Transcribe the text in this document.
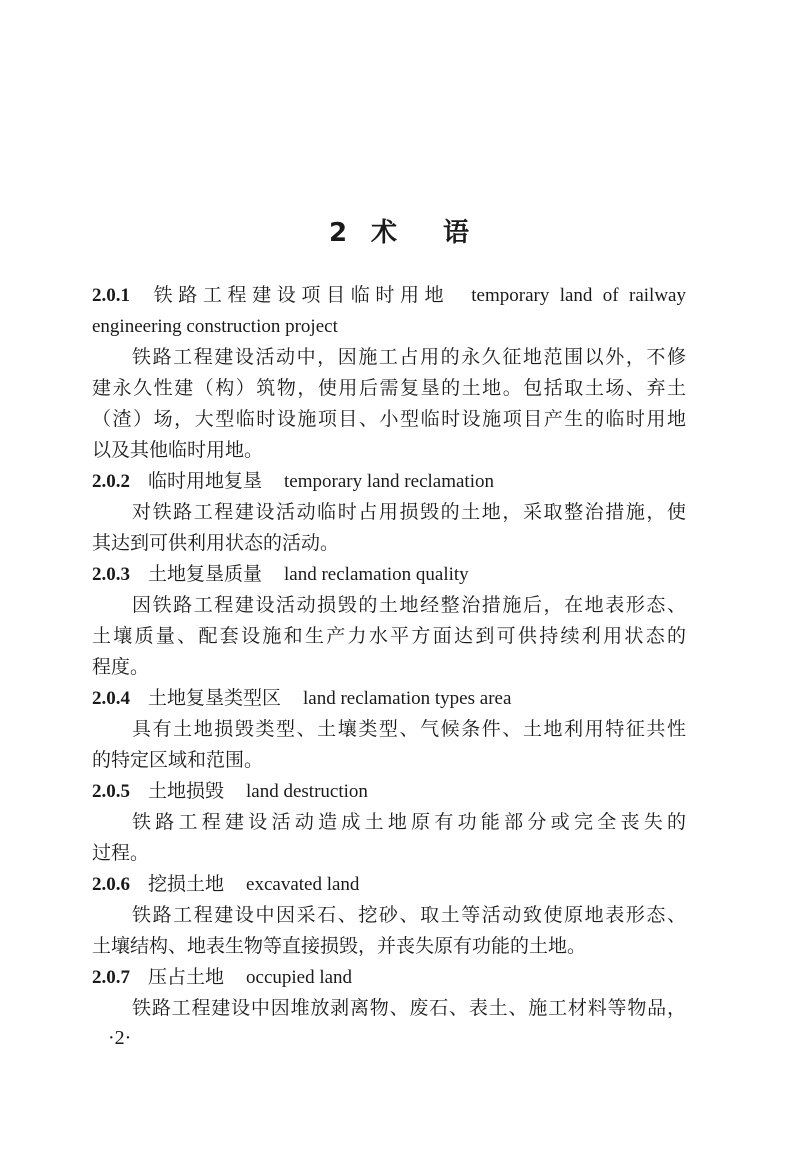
2 术 语
2.0.1 铁路工程建设项目临时用地 temporary land of railway
engineering construction project
铁路工程建设活动中，因施工占用的永久征地范围以外，不修
建永久性建（构）筑物，使用后需复垦的土地。包括取土场、弃土
（渣）场，大型临时设施项目、小型临时设施项目产生的临时用地
以及其他临时用地。
2.0.2 临时用地复垦 temporary land reclamation
对铁路工程建设活动临时占用损毁的土地，采取整治措施，使
其达到可供利用状态的活动。
2.0.3 土地复垦质量 land reclamation quality
因铁路工程建设活动损毁的土地经整治措施后，在地表形态、
土壤质量、配套设施和生产力水平方面达到可供持续利用状态的
程度。
2.0.4 土地复垦类型区 land reclamation types area
具有土地损毁类型、土壤类型、气候条件、土地利用特征共性
的特定区域和范围。
2.0.5 土地损毁 land destruction
铁路工程建设活动造成土地原有功能部分或完全丧失的
过程。
2.0.6 挖损土地 excavated land
铁路工程建设中因采石、挖砂、取土等活动致使原地表形态、
土壤结构、地表生物等直接损毁，并丧失原有功能的土地。
2.0.7 压占土地 occupied land
铁路工程建设中因堆放剥离物、废石、表土、施工材料等物品，
·2·
